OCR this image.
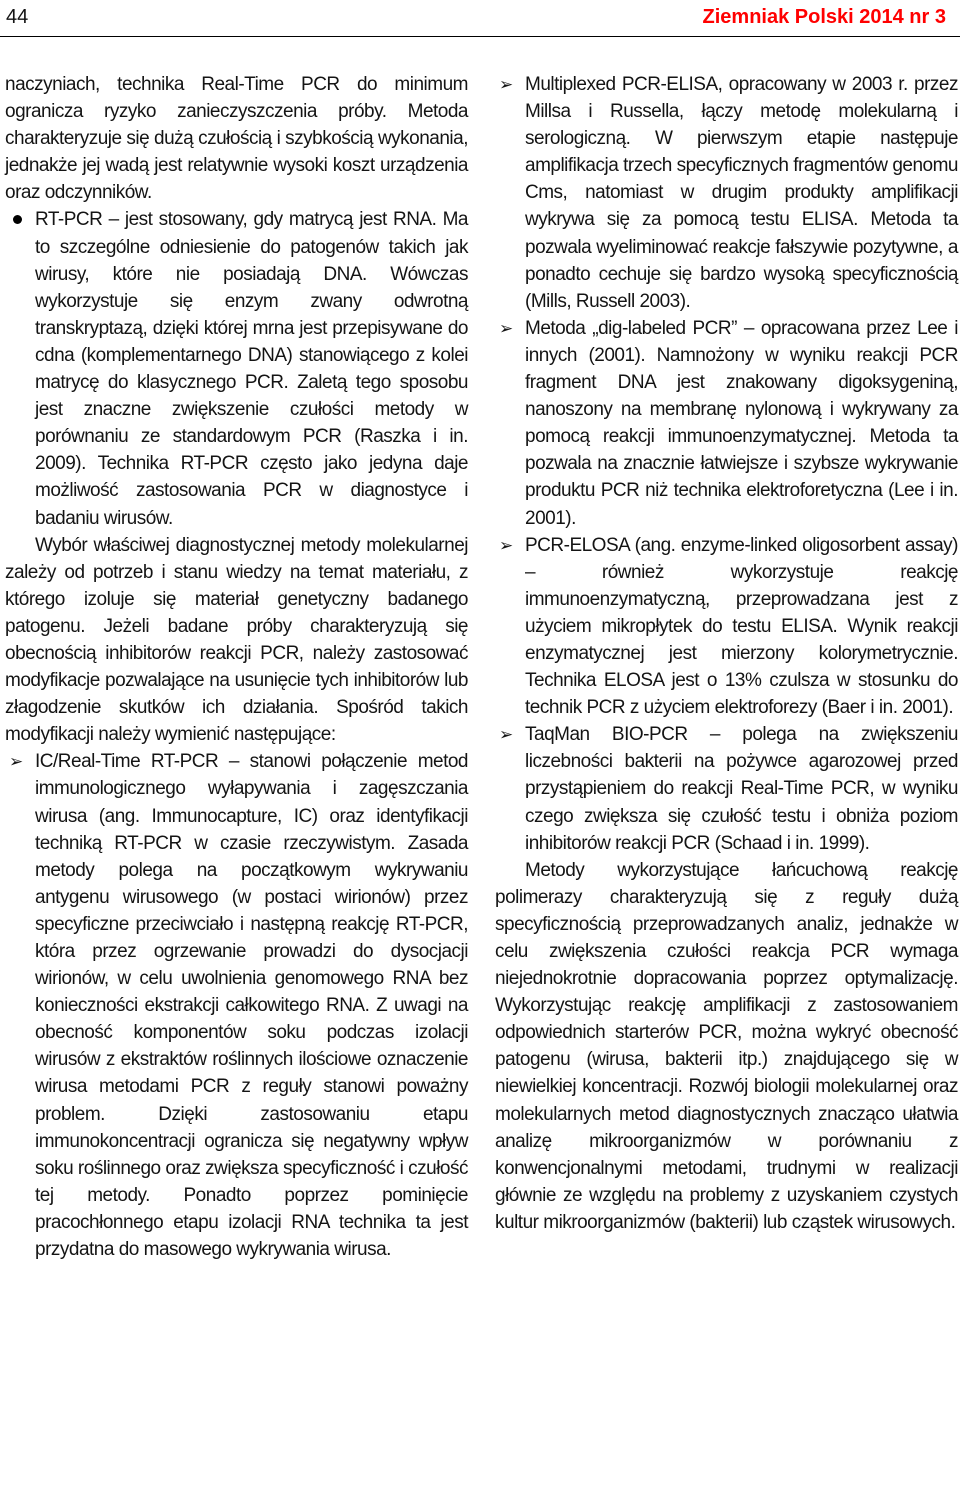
44	Ziemniak Polski 2014 nr 3

naczyniach, technika Real-Time PCR do minimum ogranicza ryzyko zanieczyszczenia próby. Metoda charakteryzuje się dużą czułością i szybkością wykonania, jednakże jej wadą jest relatywnie wysoki koszt urządzenia oraz odczynników.

RT-PCR – jest stosowany, gdy matrycą jest RNA. Ma to szczególne odniesienie do patogenów takich jak wirusy, które nie posiadają DNA. Wówczas wykorzystuje się enzym zwany odwrotną transkryptazą, dzięki której mrna jest przepisywane do cdna (komplementarnego DNA) stanowiącego z kolei matrycę do klasycznego PCR. Zaletą tego sposobu jest znaczne zwiększenie czułości metody w porównaniu ze standardowym PCR (Raszka i in. 2009). Technika RT-PCR często jako jedyna daje możliwość zastosowania PCR w diagnostyce i badaniu wirusów.

Wybór właściwej diagnostycznej metody molekularnej zależy od potrzeb i stanu wiedzy na temat materiału, z którego izoluje się materiał genetyczny badanego patogenu. Jeżeli badane próby charakteryzują się obecnością inhibitorów reakcji PCR, należy zastosować modyfikacje pozwalające na usunięcie tych inhibitorów lub złagodzenie skutków ich działania. Spośród takich modyfikacji należy wymienić następujące:

➢ IC/Real-Time RT-PCR – stanowi połączenie metod immunologicznego wyłapywania i zagęszczania wirusa (ang. Immunocapture, IC) oraz identyfikacji techniką RT-PCR w czasie rzeczywistym. Zasada metody polega na początkowym wykrywaniu antygenu wirusowego (w postaci wirionów) przez specyficzne przeciwciało i następną reakcję RT-PCR, która przez ogrzewanie prowadzi do dysocjacji wirionów, w celu uwolnienia genomowego RNA bez konieczności ekstrakcji całkowitego RNA. Z uwagi na obecność komponentów soku podczas izolacji wirusów z ekstraktów roślinnych ilościowe oznaczenie wirusa metodami PCR z reguły stanowi poważny problem. Dzięki zastosowaniu etapu immunokoncentracji ogranicza się negatywny wpływ soku roślinnego oraz zwiększa specyficzność i czułość tej metody. Ponadto poprzez pominięcie pracochłonnego etapu izolacji RNA technika ta jest przydatna do masowego wykrywania wirusa.

➢ Multiplexed PCR-ELISA, opracowany w 2003 r. przez Millsa i Russella, łączy metodę molekularną i serologiczną. W pierwszym etapie następuje amplifikacja trzech specyficznych fragmentów genomu Cms, natomiast w drugim produkty amplifikacji wykrywa się za pomocą testu ELISA. Metoda ta pozwala wyeliminować reakcje fałszywie pozytywne, a ponadto cechuje się bardzo wysoką specyficznością (Mills, Russell 2003).

➢ Metoda „dig-labeled PCR” – opracowana przez Lee i innych (2001). Namnożony w wyniku reakcji PCR fragment DNA jest znakowany digoksygeniną, nanoszony na membranę nylonową i wykrywany za pomocą reakcji immunoenzymatycznej. Metoda ta pozwala na znacznie łatwiejsze i szybsze wykrywanie produktu PCR niż technika elektroforetyczna (Lee i in. 2001).

➢ PCR-ELOSA (ang. enzyme-linked oligosorbent assay) – również wykorzystuje reakcję immunoenzymatyczną, przeprowadzana jest z użyciem mikropłytek do testu ELISA. Wynik reakcji enzymatycznej jest mierzony kolorymetrycznie. Technika ELOSA jest o 13% czulsza w stosunku do technik PCR z użyciem elektroforezy (Baer i in. 2001).

➢ TaqMan BIO-PCR – polega na zwiększeniu liczebności bakterii na pożywce agarozowej przed przystąpieniem do reakcji Real-Time PCR, w wyniku czego zwiększa się czułość testu i obniża poziom inhibitorów reakcji PCR (Schaad i in. 1999).

Metody wykorzystujące łańcuchową reakcję polimerazy charakteryzują się z reguły dużą specyficznością przeprowadzanych analiz, jednakże w celu zwiększenia czułości reakcja PCR wymaga niejednokrotnie dopracowania poprzez optymalizację. Wykorzystując reakcję amplifikacji z zastosowaniem odpowiednich starterów PCR, można wykryć obecność patogenu (wirusa, bakterii itp.) znajdującego się w niewielkiej koncentracji. Rozwój biologii molekularnej oraz molekularnych metod diagnostycznych znacząco ułatwia analizę mikroorganizmów w porównaniu z konwencjonalnymi metodami, trudnymi w realizacji głównie ze względu na problemy z uzyskaniem czystych kultur mikroorganizmów (bakterii) lub cząstek wirusowych.
